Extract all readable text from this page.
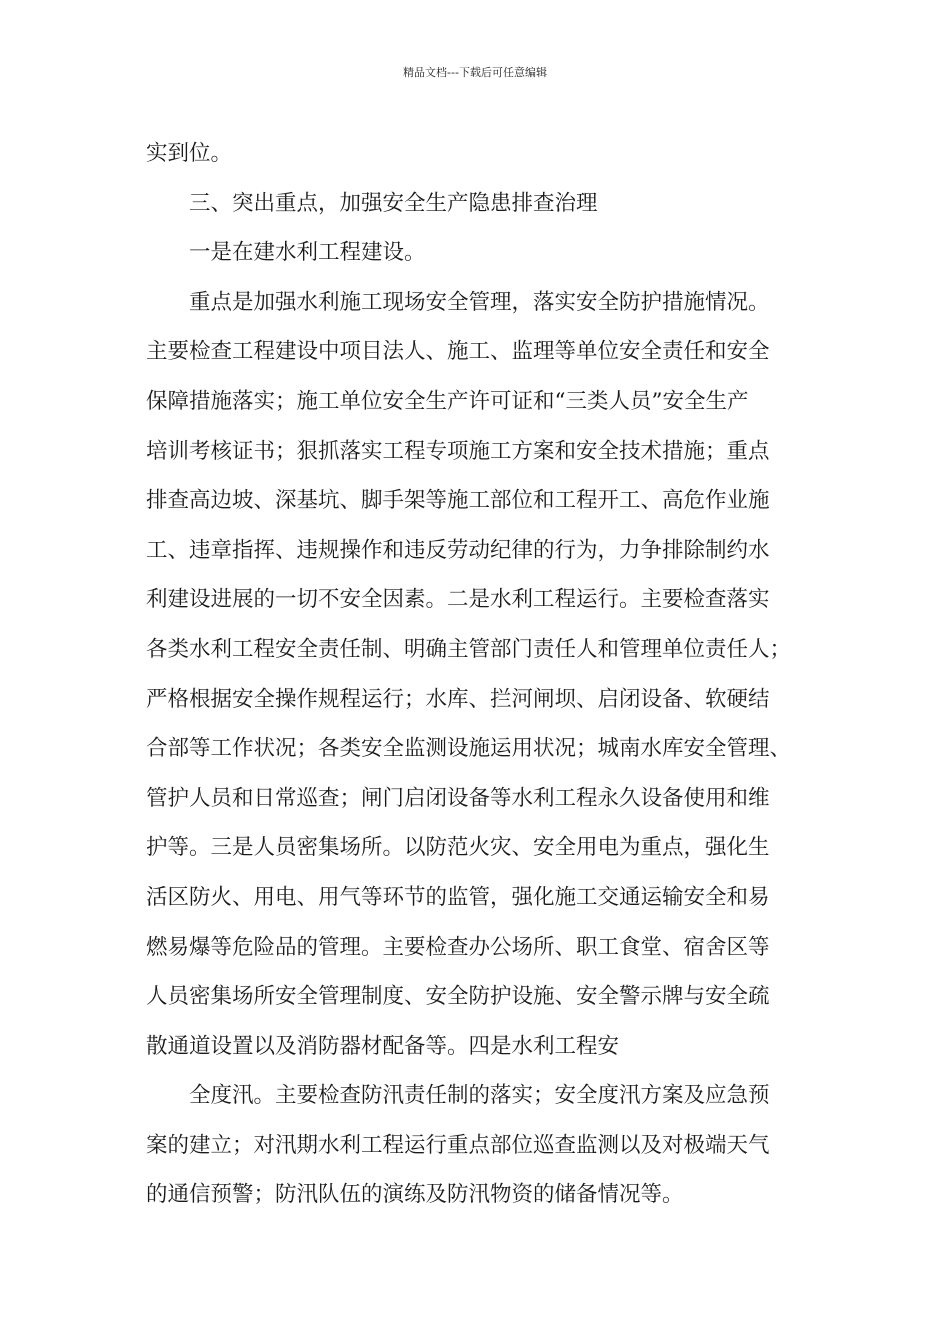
精品文档---下载后可任意编辑
实到位。
三、突出重点，加强安全生产隐患排查治理
一是在建水利工程建设。
重点是加强水利施工现场安全管理，落实安全防护措施情况。
主要检查工程建设中项目法人、施工、监理等单位安全责任和安全
保障措施落实；施工单位安全生产许可证和“三类人员”安全生产
培训考核证书；狠抓落实工程专项施工方案和安全技术措施；重点
排查高边坡、深基坑、脚手架等施工部位和工程开工、高危作业施
工、违章指挥、违规操作和违反劳动纪律的行为，力争排除制约水
利建设进展的一切不安全因素。二是水利工程运行。主要检查落实
各类水利工程安全责任制、明确主管部门责任人和管理单位责任人；
严格根据安全操作规程运行；水库、拦河闸坝、启闭设备、软硬结
合部等工作状况；各类安全监测设施运用状况；城南水库安全管理、
管护人员和日常巡查；闸门启闭设备等水利工程永久设备使用和维
护等。三是人员密集场所。以防范火灾、安全用电为重点，强化生
活区防火、用电、用气等环节的监管，强化施工交通运输安全和易
燃易爆等危险品的管理。主要检查办公场所、职工食堂、宿舍区等
人员密集场所安全管理制度、安全防护设施、安全警示牌与安全疏
散通道设置以及消防器材配备等。四是水利工程安
全度汛。主要检查防汛责任制的落实；安全度汛方案及应急预
案的建立；对汛期水利工程运行重点部位巡查监测以及对极端天气
的通信预警；防汛队伍的演练及防汛物资的储备情况等。
